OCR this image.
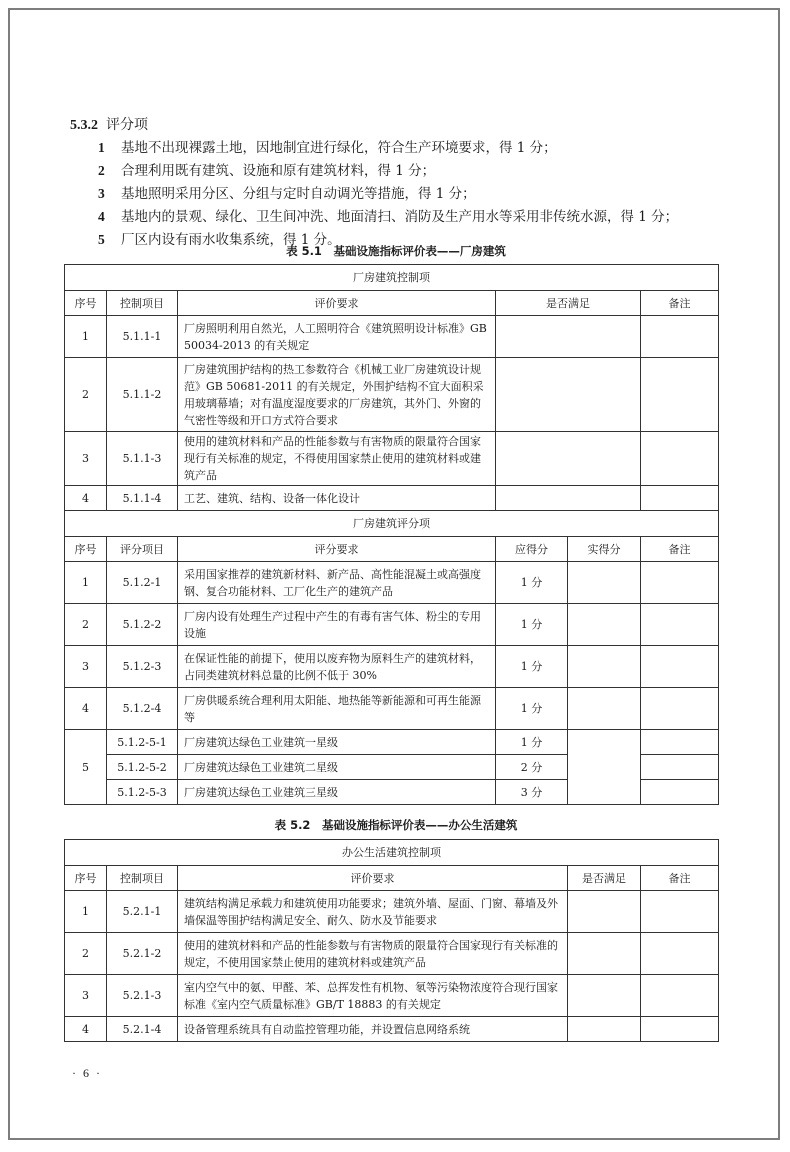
5.3.2 评分项
1 基地不出现裸露土地，因地制宜进行绿化，符合生产环境要求，得 1 分；
2 合理利用既有建筑、设施和原有建筑材料，得 1 分；
3 基地照明采用分区、分组与定时自动调光等措施，得 1 分；
4 基地内的景观、绿化、卫生间冲洗、地面清扫、消防及生产用水等采用非传统水源，得 1 分；
5 厂区内设有雨水收集系统，得 1 分。
表 5.1　基础设施指标评价表——厂房建筑
厂房建筑控制项					
序号	控制项目	评价要求	是否满足		备注
1	5.1.1-1	厂房照明利用自然光，人工照明符合《建筑照明设计标准》GB 50034-2013 的有关规定			
2	5.1.1-2	厂房建筑围护结构的热工参数符合《机械工业厂房建筑设计规范》GB 50681-2011 的有关规定，外围护结构不宜大面积采用玻璃幕墙；对有温度湿度要求的厂房建筑，其外门、外窗的气密性等级和开口方式符合要求			
3	5.1.1-3	使用的建筑材料和产品的性能参数与有害物质的限量符合国家现行有关标准的规定，不得使用国家禁止使用的建筑材料或建筑产品			
4	5.1.1-4	工艺、建筑、结构、设备一体化设计			
厂房建筑评分项					
序号	评分项目	评分要求	应得分	实得分	备注
1	5.1.2-1	采用国家推荐的建筑新材料、新产品、高性能混凝土或高强度钢、复合功能材料、工厂化生产的建筑产品	1 分		
2	5.1.2-2	厂房内设有处理生产过程中产生的有毒有害气体、粉尘的专用设施	1 分		
3	5.1.2-3	在保证性能的前提下，使用以废弃物为原料生产的建筑材料，占同类建筑材料总量的比例不低于 30%	1 分		
4	5.1.2-4	厂房供暖系统合理利用太阳能、地热能等新能源和可再生能源等	1 分		
5	5.1.2-5-1	厂房建筑达绿色工业建筑一星级	1 分		
	5.1.2-5-2	厂房建筑达绿色工业建筑二星级	2 分		
	5.1.2-5-3	厂房建筑达绿色工业建筑三星级	3 分		
表 5.2　基础设施指标评价表——办公生活建筑
办公生活建筑控制项				
序号	控制项目	评价要求	是否满足	备注
1	5.2.1-1	建筑结构满足承载力和建筑使用功能要求；建筑外墙、屋面、门窗、幕墙及外墙保温等围护结构满足安全、耐久、防水及节能要求		
2	5.2.1-2	使用的建筑材料和产品的性能参数与有害物质的限量符合国家现行有关标准的规定，不使用国家禁止使用的建筑材料或建筑产品		
3	5.2.1-3	室内空气中的氨、甲醛、苯、总挥发性有机物、氡等污染物浓度符合现行国家标准《室内空气质量标准》GB/T 18883 的有关规定		
4	5.2.1-4	设备管理系统具有自动监控管理功能，并设置信息网络系统		
· 6 ·
